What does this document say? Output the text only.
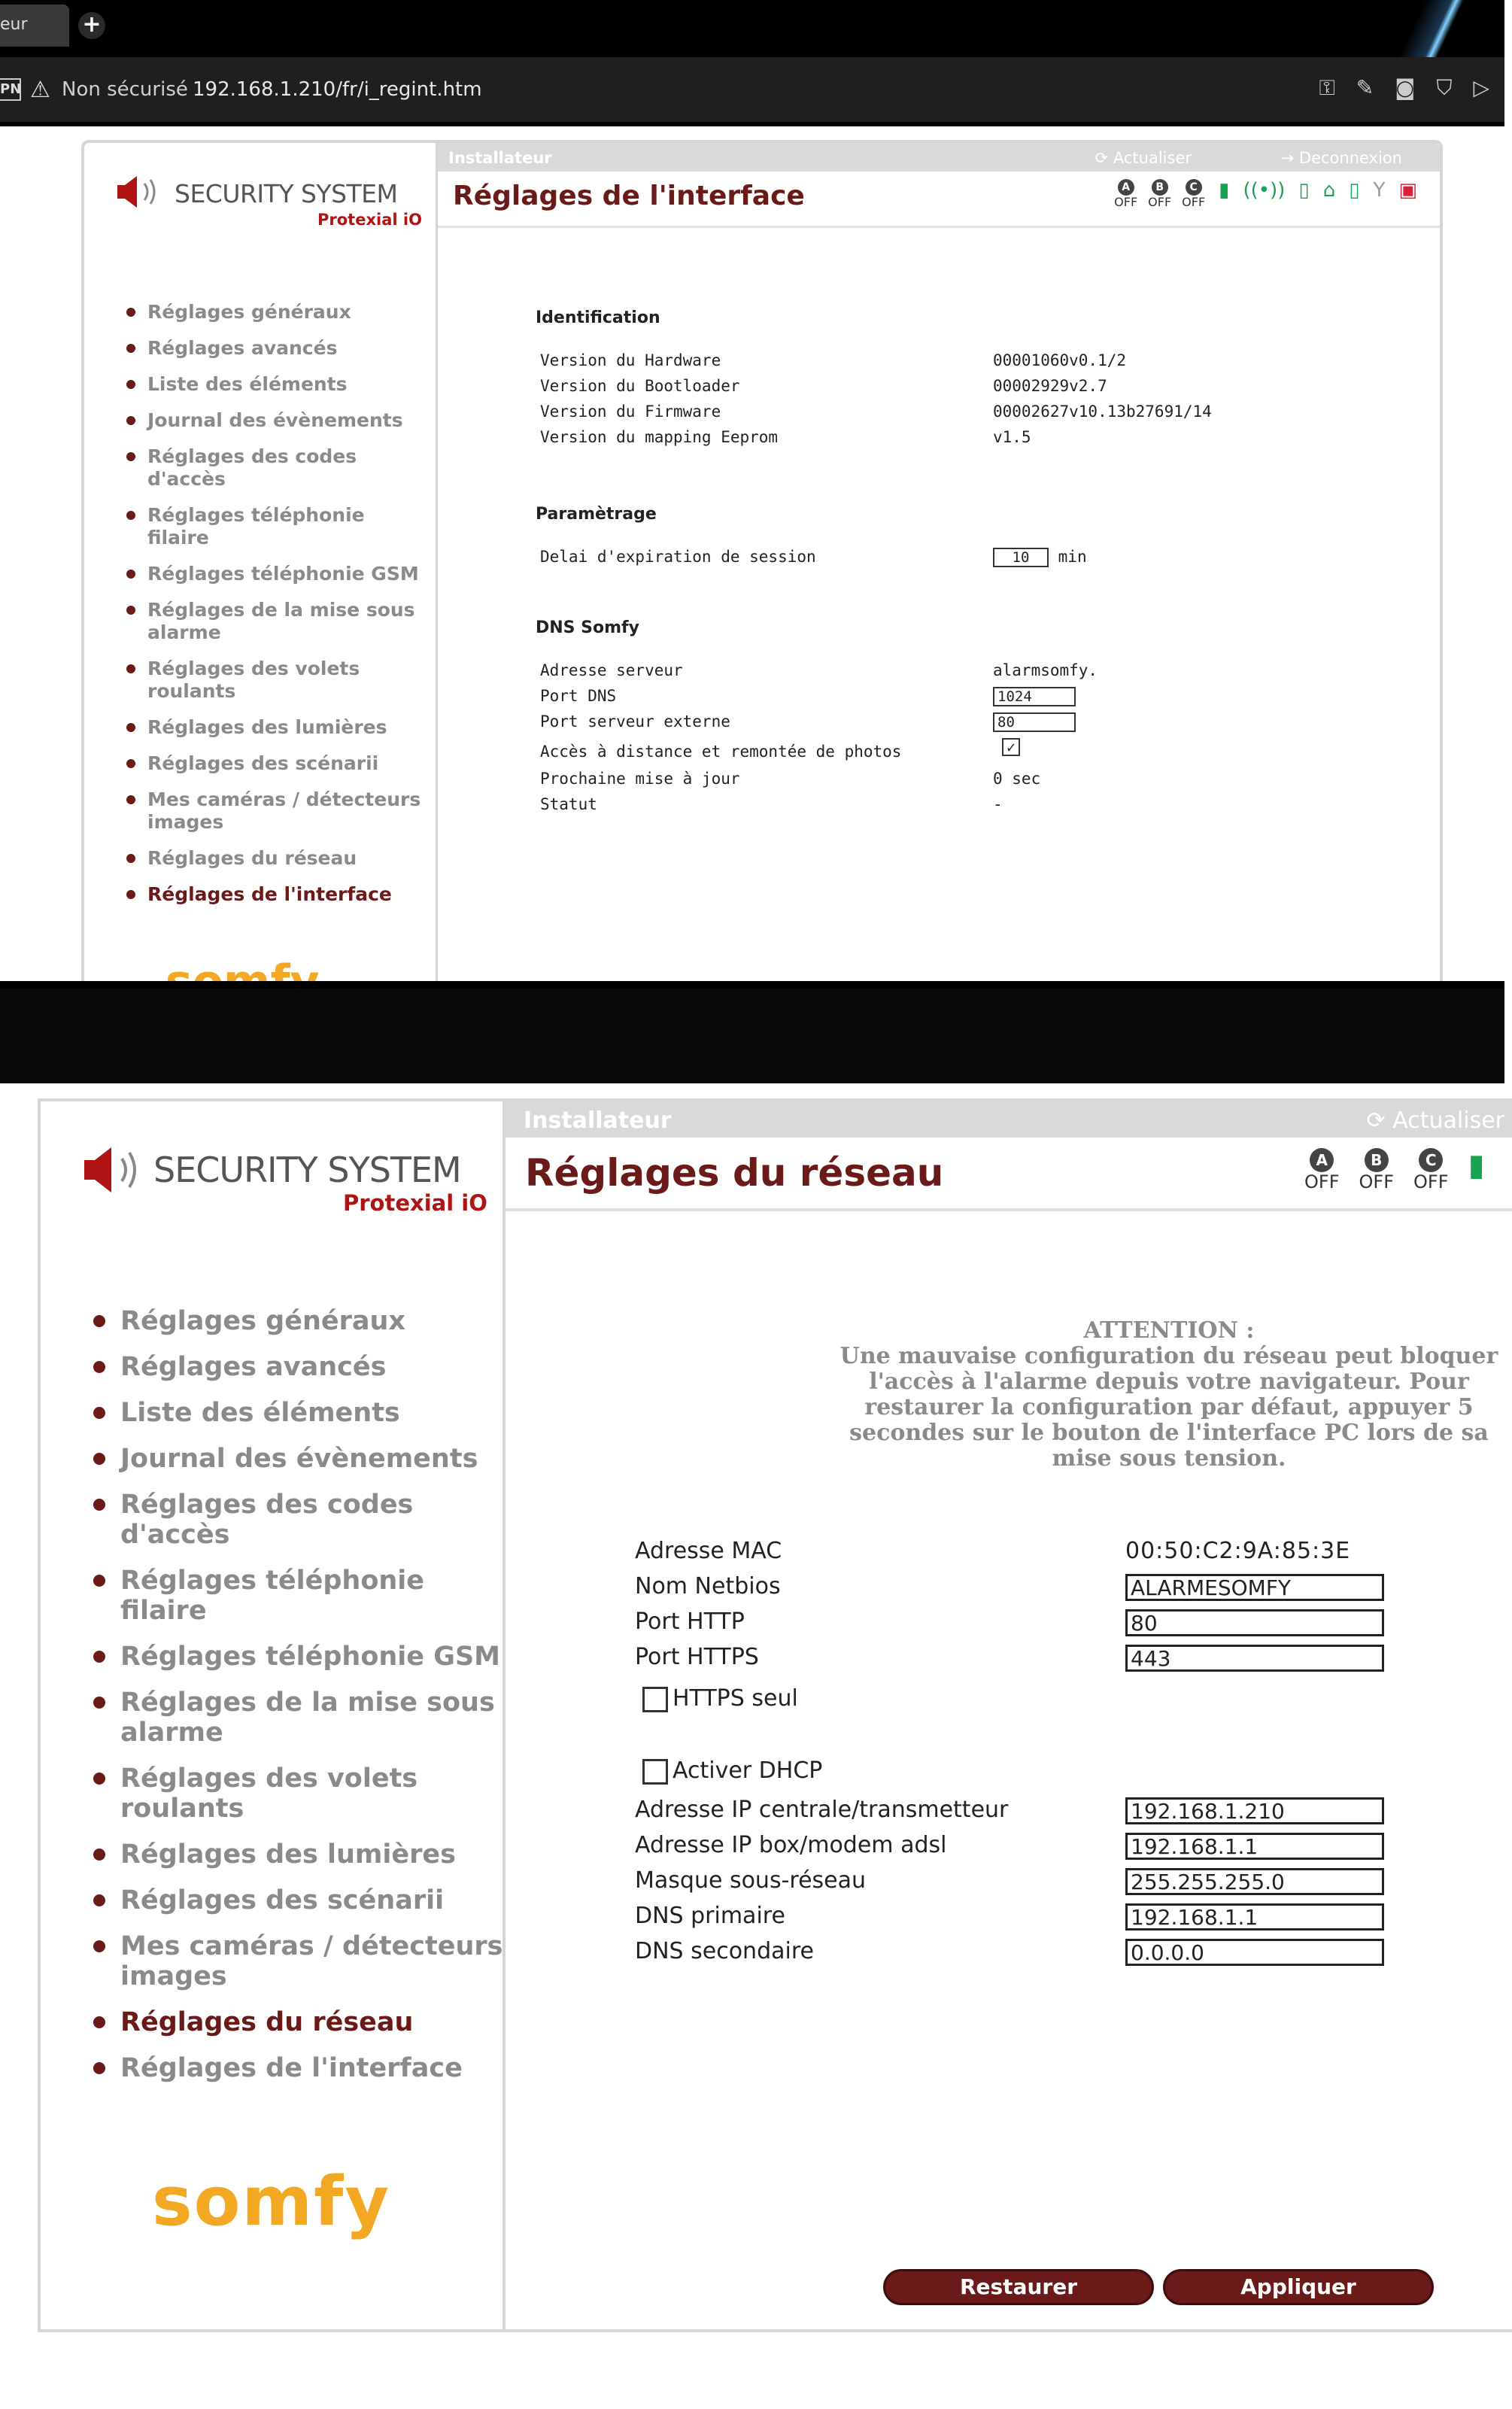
eur	+
PN ⚠ Non sécurisé 192.168.1.210/fr/i_regint.htm	⚿ ✎ ◙ ⛉ ▷
SECURITY SYSTEM
Protexial iO
Réglages généraux
Réglages avancés
Liste des éléments
Journal des évènements
Réglages des codes d'accès
Réglages téléphonie filaire
Réglages téléphonie GSM
Réglages de la mise sous alarme
Réglages des volets roulants
Réglages des lumières
Réglages des scénarii
Mes caméras / détecteurs images
Réglages du réseau
Réglages de l'interface
Installateur	⟳ Actualiser	→ Deconnexion
Réglages de l'interface	A
OFF
B
OFF
C
OFF
▮ ((•)) ▯ ⌂ ▯ Y ▣
Identification
Version du Hardware	00001060v0.1/2
Version du Bootloader	00002929v2.7
Version du Firmware	00002627v10.13b27691/14
Version du mapping Eeprom	v1.5
Paramètrage
Delai d'expiration de session	10 min
DNS Somfy
Adresse serveur	alarmsomfy.
Port DNS	1024
Port serveur externe	80
Accès à distance et remontée de photos	✓
Prochaine mise à jour	0 sec
Statut	-
SECURITY SYSTEM
Protexial iO
Réglages généraux
Réglages avancés
Liste des éléments
Journal des évènements
Réglages des codes d'accès
Réglages téléphonie filaire
Réglages téléphonie GSM
Réglages de la mise sous alarme
Réglages des volets roulants
Réglages des lumières
Réglages des scénarii
Mes caméras / détecteurs images
Réglages du réseau
Réglages de l'interface
somfy
Installateur	⟳ Actualiser
Réglages du réseau	A
OFF
B
OFF
C
OFF ▮
ATTENTION :
Une mauvaise configuration du réseau peut bloquer l'accès à l'alarme depuis votre navigateur. Pour restaurer la configuration par défaut, appuyer 5 secondes sur le bouton de l'interface PC lors de sa mise sous tension.
Adresse MAC	00:50:C2:9A:85:3E
Nom Netbios	ALARMESOMFY
Port HTTP	80
Port HTTPS	443
HTTPS seul
Activer DHCP
Adresse IP centrale/transmetteur	192.168.1.210
Adresse IP box/modem adsl	192.168.1.1
Masque sous-réseau	255.255.255.0
DNS primaire	192.168.1.1
DNS secondaire	0.0.0.0
Restaurer	Appliquer
